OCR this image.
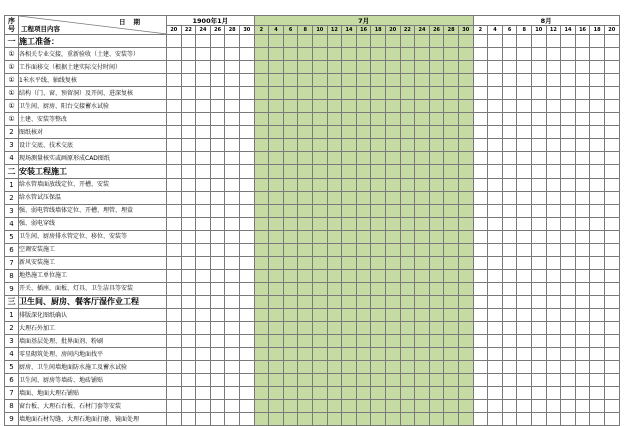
序号	日期
工程项目内容	1900年1月						7月															8月									
		20	22	24	26	28	30	2	4	6	8	10	12	14	16	18	20	22	24	26	28	30	2	4	6	8	10	12	14	16	18	20
一	施工准备：																															
①	各相关专业交接，重新验收（土建、安装等）																															
①	工作面移交（根据土建实际交付时间）																															
①	1米水平线、轴线复核																															
①	结构（门、窗、预留洞）及开间、进深复核																															
①	卫生间、厨房、阳台交接蓄水试验																															
①	土建、安装等整改																															
2	图纸核对																															
3	设计交底、技术交底																															
4	现场测量核实或画原形成CAD图纸																															
二	安装工程施工																															
1	给水管墙面放线定位、开槽、安装																															
2	给水管试压保温																															
3	强、弱电管线墙体定位、开槽、埋管、埋盒																															
4	强、弱电穿线																															
5	卫生间、厨房排水管定位、移位、安装等																															
6	空调安装施工																															
7	新风安装施工																															
8	地热施工单位施工																															
9	开关、插座、面板、灯具、卫生洁具等安装																															
三	卫生间、厨房、餐客厅湿作业工程																															
1	排版深化图纸确认																															
2	大理石外加工																															
3	墙面基层处理、批界面剂、粉刷																															
4	零星砌筑处理、房间内地面找平																															
5	厨房、卫生间墙地面防水施工及蓄水试验																															
6	卫生间、厨房等墙砖、地砖铺贴																															
7	墙面、地面大理石铺贴																															
8	窗台板、大理石台板、石材门套等安装																															
9	墙地面石材勾缝、大理石地面打磨、镜面处理																															
